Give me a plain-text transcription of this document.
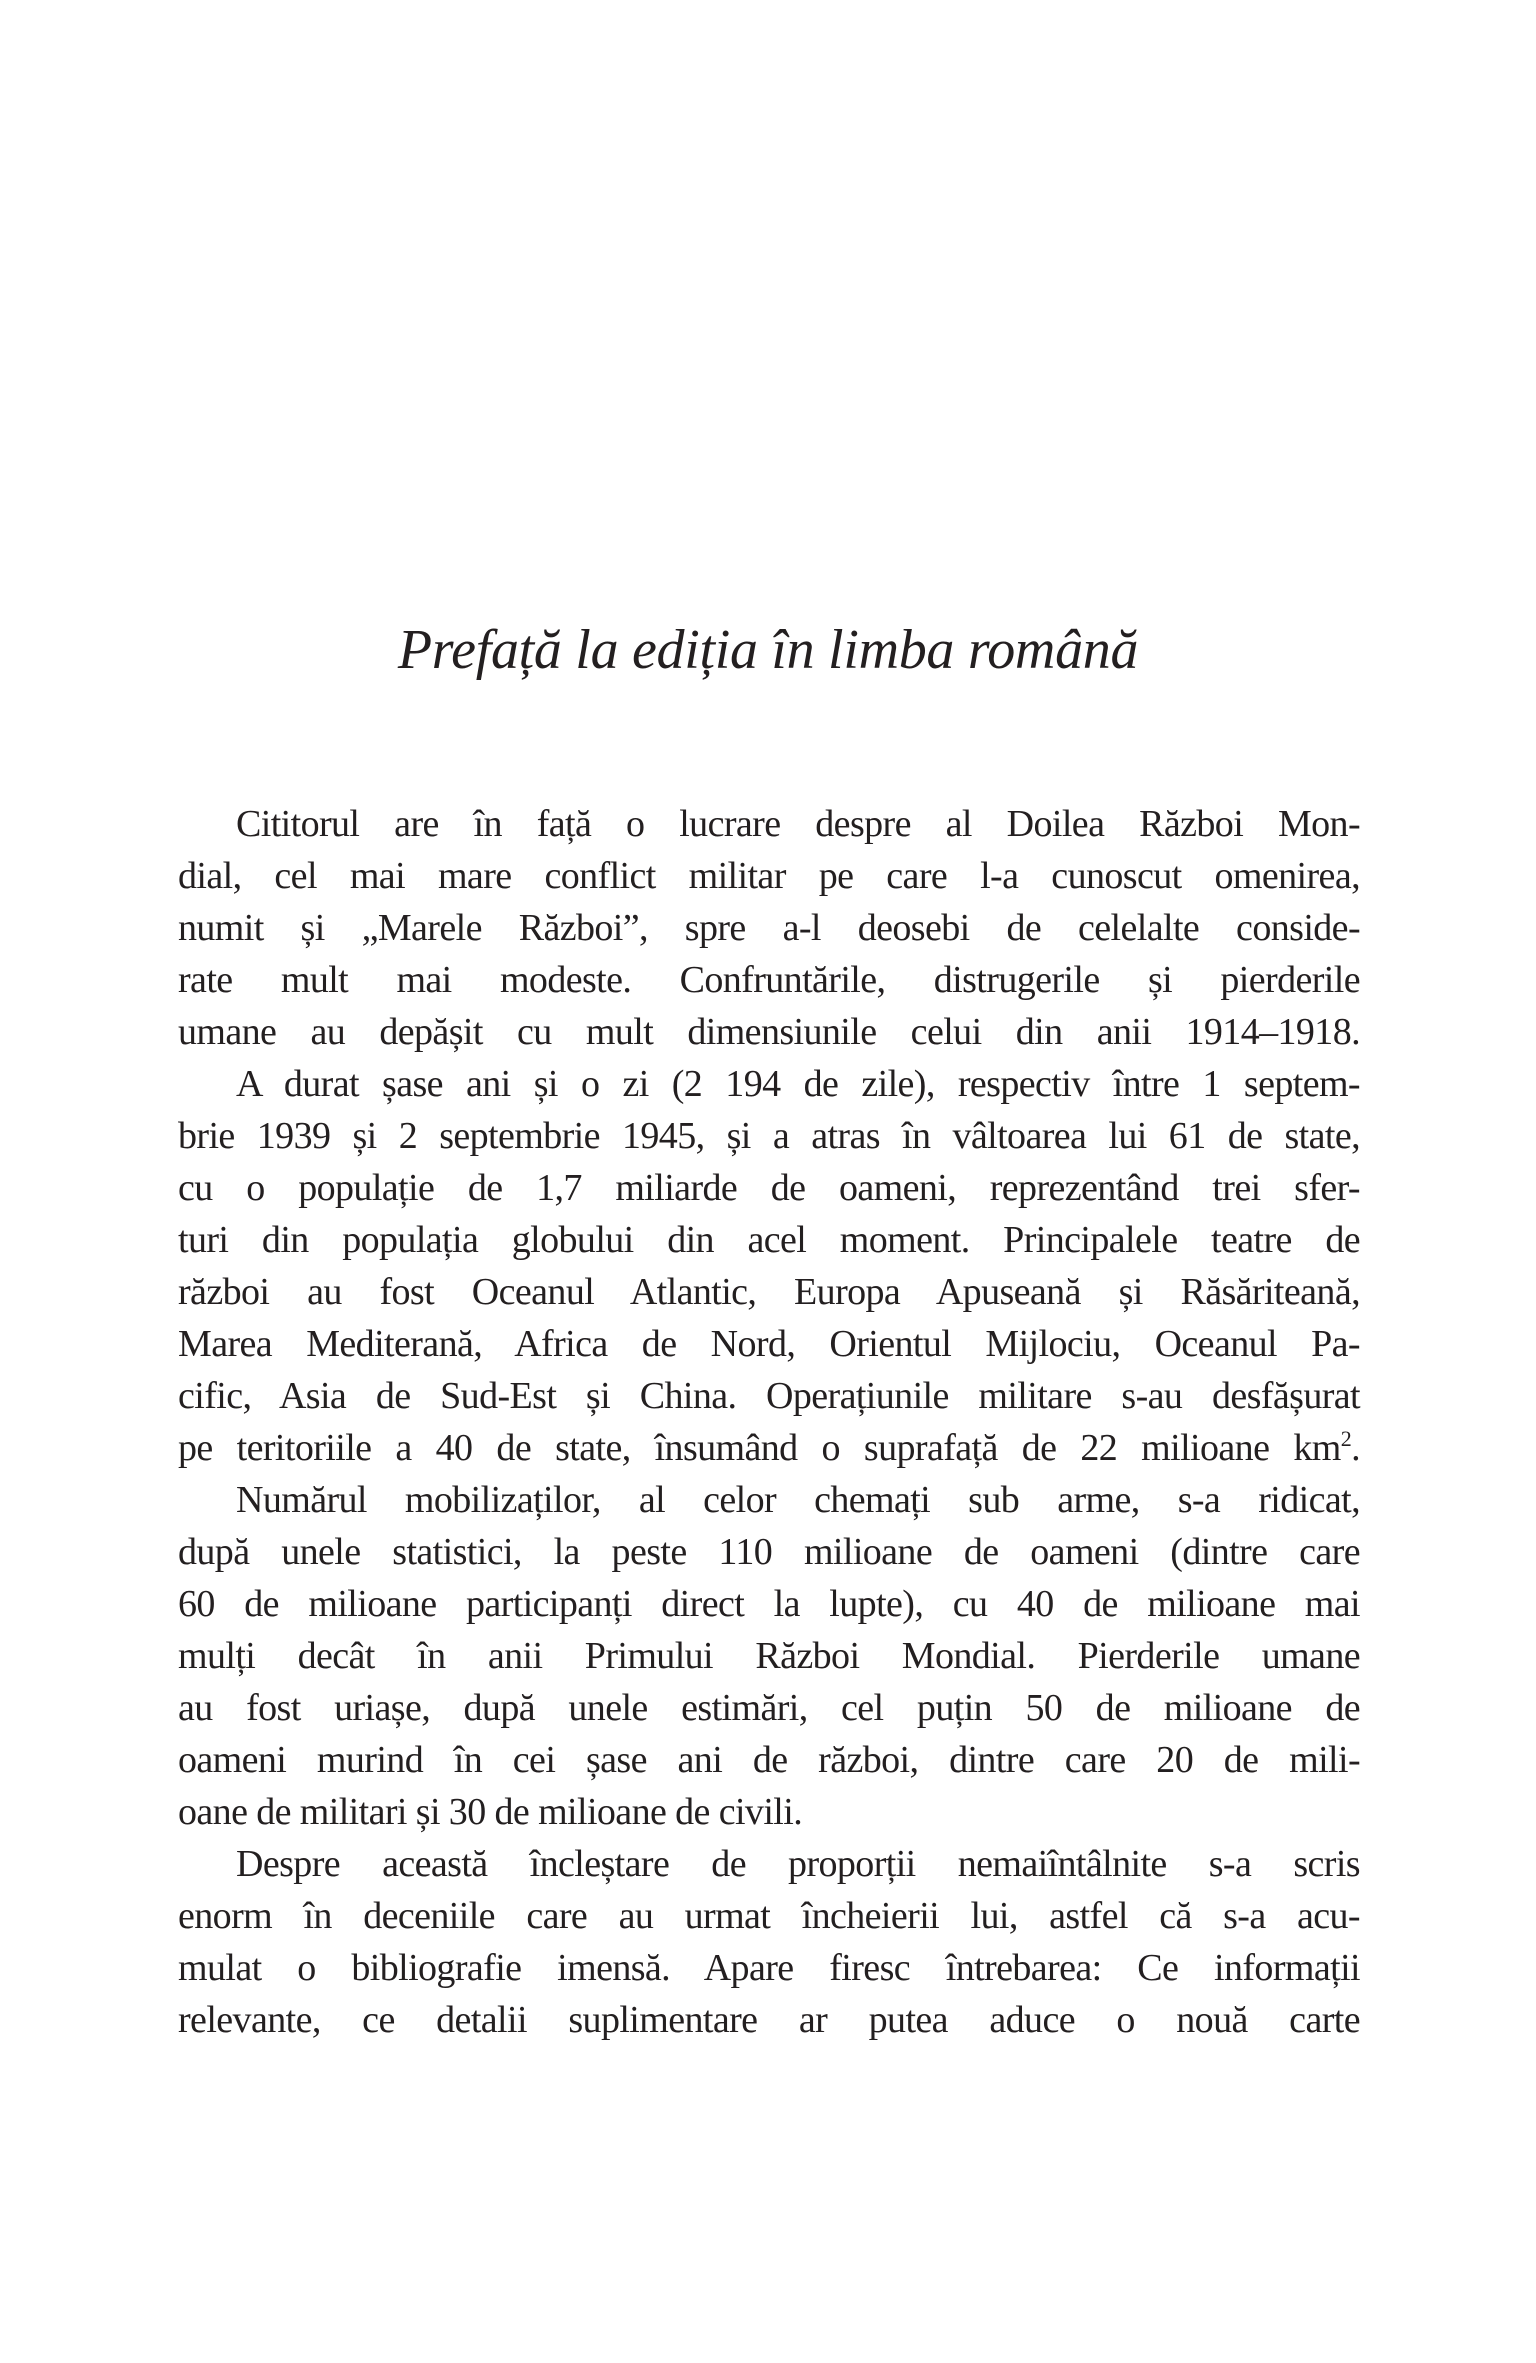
Prefață la ediția în limba română
Cititorul are în față o lucrare despre al Doilea Război Mon-
dial, cel mai mare conflict militar pe care l-a cunoscut omenirea,
numit și „Marele Război”, spre a-l deosebi de celelalte conside-
rate mult mai modeste. Confruntările, distrugerile și pierderile
umane au depășit cu mult dimensiunile celui din anii 1914–1918.
A durat șase ani și o zi (2 194 de zile), respectiv între 1 septem-
brie 1939 și 2 septembrie 1945, și a atras în vâltoarea lui 61 de state,
cu o populație de 1,7 miliarde de oameni, reprezentând trei sfer-
turi din populația globului din acel moment. Principalele teatre de
război au fost Oceanul Atlantic, Europa Apuseană și Răsăriteană,
Marea Mediterană, Africa de Nord, Orientul Mijlociu, Oceanul Pa-
cific, Asia de Sud-Est și China. Operațiunile militare s-au desfășurat
pe teritoriile a 40 de state, însumând o suprafață de 22 milioane $km^2$.
Numărul mobilizaților, al celor chemați sub arme, s-a ridicat,
după unele statistici, la peste 110 milioane de oameni (dintre care
60 de milioane participanți direct la lupte), cu 40 de milioane mai
mulți decât în anii Primului Război Mondial. Pierderile umane
au fost uriașe, după unele estimări, cel puțin 50 de milioane de
oameni murind în cei șase ani de război, dintre care 20 de mili-
oane de militari și 30 de milioane de civili.
Despre această încleștare de proporții nemaiîntâlnite s-a scris
enorm în deceniile care au urmat încheierii lui, astfel că s-a acu-
mulat o bibliografie imensă. Apare firesc întrebarea: Ce informații
relevante, ce detalii suplimentare ar putea aduce o nouă carte
